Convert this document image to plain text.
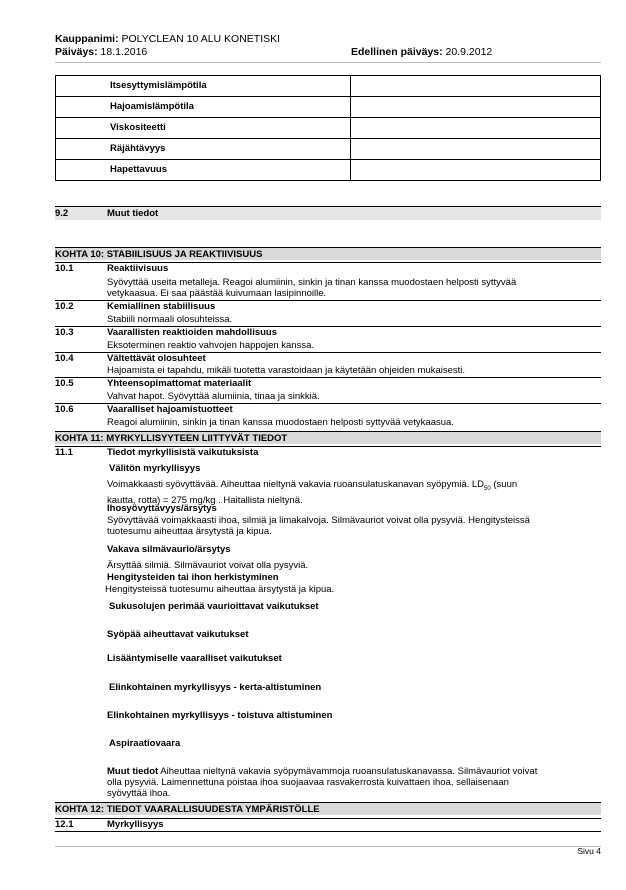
Kauppanimi: POLYCLEAN 10 ALU KONETISKI
Päiväys: 18.1.2016	Edellinen päiväys: 20.9.2012
Itsesyttymislämpötila	
Hajoamislämpötila	
Viskositeetti	
Räjähtävyys	
Hapettavuus	
9.2	Muut tiedot
KOHTA 10: STABIILISUUS JA REAKTIIVISUUS
10.1	Reaktiivisuus
Syövyttää useita metalleja. Reagoi alumiinin, sinkin ja tinan kanssa muodostaen helposti syttyvää
vetykaasua. Ei saa päästää kuivumaan lasipinnoille.
10.2	Kemiallinen stabiilisuus
Stabiili normaali olosuhteissa.
10.3	Vaarallisten reaktioiden mahdollisuus
Eksoterminen reaktio vahvojen happojen kanssa.
10.4	Vältettävät olosuhteet
Hajoamista ei tapahdu, mikäli tuotetta varastoidaan ja käytetään ohjeiden mukaisesti.
10.5	Yhteensopimattomat materiaalit
Vahvat hapot. Syövyttää alumiinia, tinaa ja sinkkiä.
10.6	Vaaralliset hajoamistuotteet
Reagoi alumiinin, sinkin ja tinan kanssa muodostaen helposti syttyvää vetykaasua.
KOHTA 11: MYRKYLLISYYTEEN LIITTYVÄT TIEDOT
11.1	Tiedot myrkyllisistä vaikutuksista
Välitön myrkyllisyys
Voimakkaasti syövyttävää. Aiheuttaa nieltynä vakavia ruoansulatuskanavan syöpymiä. $LD_{50}$ (suun
kautta, rotta) = 275 mg/kg . Haitallista nieltynä.
Ihosyövyttävyys/ärsytys
Syövyttävää voimakkaasti ihoa, silmiä ja limakalvoja. Silmävauriot voivat olla pysyviä. Hengitysteissä
tuotesumu aiheuttaa ärsytystä ja kipua.
Vakava silmävaurio/ärsytys
Ärsyttää silmiä. Silmävauriot voivat olla pysyviä.
Hengitysteiden tai ihon herkistyminen
Hengitysteissä tuotesumu aiheuttaa ärsytystä ja kipua.
Sukusolujen perimää vaurioittavat vaikutukset
Syöpää aiheuttavat vaikutukset
Lisääntymiselle vaaralliset vaikutukset
Elinkohtainen myrkyllisyys - kerta-altistuminen
Elinkohtainen myrkyllisyys - toistuva altistuminen
Aspiraatiovaara
Muut tiedot Aiheuttaa nieltynä vakavia syöpymävammoja ruoansulatuskanavassa. Silmävauriot voivat
olla pysyviä. Laimennettuna poistaa ihoa suojaavaa rasvakerrosta kuivattaen ihoa, sellaisenaan
syövyttää ihoa.
KOHTA 12: TIEDOT VAARALLISUUDESTA YMPÄRISTÖLLE
12.1	Myrkyllisyys
Sivu 4
